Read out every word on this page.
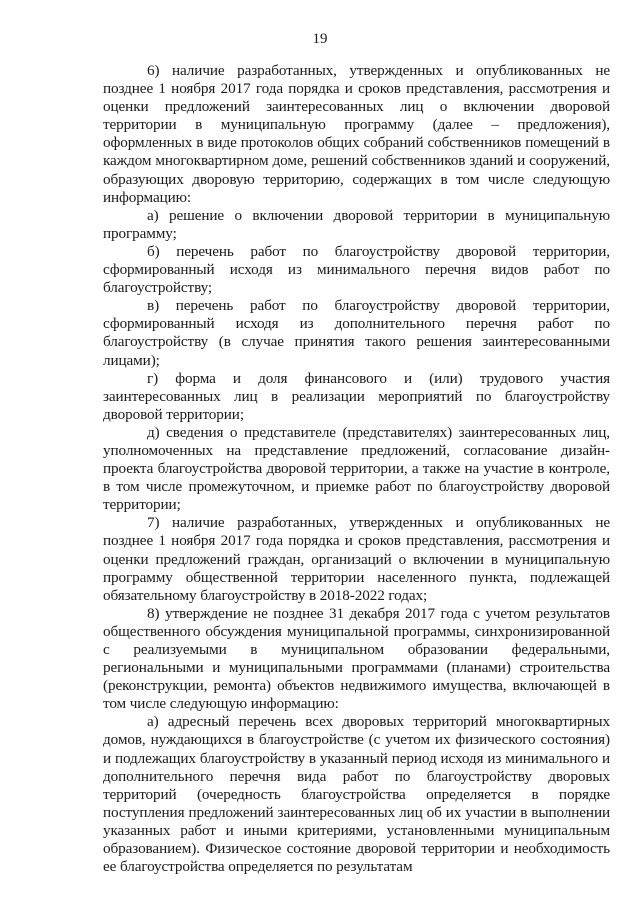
19

6) наличие разработанных, утвержденных и опубликованных не позднее 1 ноября 2017 года порядка и сроков представления, рассмотрения и оценки предложений заинтересованных лиц о включении дворовой территории в муниципальную программу (далее – предложения), оформленных в виде протоколов общих собраний собственников помещений в каждом многоквартирном доме, решений собственников зданий и сооружений, образующих дворовую территорию, содержащих в том числе следующую информацию:

а) решение о включении дворовой территории в муниципальную программу;

б) перечень работ по благоустройству дворовой территории, сформированный исходя из минимального перечня видов работ по благоустройству;

в) перечень работ по благоустройству дворовой территории, сформированный исходя из дополнительного перечня работ по благоустройству (в случае принятия такого решения заинтересованными лицами);

г) форма и доля финансового и (или) трудового участия заинтересованных лиц в реализации мероприятий по благоустройству дворовой территории;

д) сведения о представителе (представителях) заинтересованных лиц, уполномоченных на представление предложений, согласование дизайн-проекта благоустройства дворовой территории, а также на участие в контроле, в том числе промежуточном, и приемке работ по благоустройству дворовой территории;

7) наличие разработанных, утвержденных и опубликованных не позднее 1 ноября 2017 года порядка и сроков представления, рассмотрения и оценки предложений граждан, организаций о включении в муниципальную программу общественной территории населенного пункта, подлежащей обязательному благоустройству в 2018-2022 годах;

8) утверждение не позднее 31 декабря 2017 года с учетом результатов общественного обсуждения муниципальной программы, синхронизированной с реализуемыми в муниципальном образовании федеральными, региональными и муниципальными программами (планами) строительства (реконструкции, ремонта) объектов недвижимого имущества, включающей в том числе следующую информацию:

а) адресный перечень всех дворовых территорий многоквартирных домов, нуждающихся в благоустройстве (с учетом их физического состояния) и подлежащих благоустройству в указанный период исходя из минимального и дополнительного перечня вида работ по благоустройству дворовых территорий (очередность благоустройства определяется в порядке поступления предложений заинтересованных лиц об их участии в выполнении указанных работ и иными критериями, установленными муниципальным образованием). Физическое состояние дворовой территории и необходимость ее благоустройства определяется по результатам
